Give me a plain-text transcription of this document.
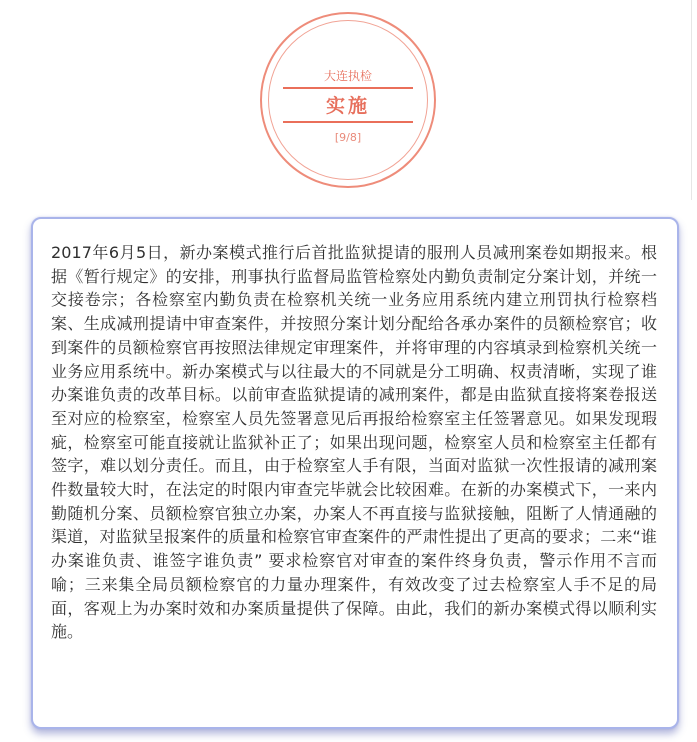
大连执检
实施
[9/8]

2017年6月5日，新办案模式推行后首批监狱提请的服刑人员减刑案卷如期报来。根据《暂行规定》的安排，刑事执行监督局监管检察处内勤负责制定分案计划，并统一交接卷宗；各检察室内勤负责在检察机关统一业务应用系统内建立刑罚执行检察档案、生成减刑提请中审查案件，并按照分案计划分配给各承办案件的员额检察官；收到案件的员额检察官再按照法律规定审理案件，并将审理的内容填录到检察机关统一业务应用系统中。新办案模式与以往最大的不同就是分工明确、权责清晰，实现了谁办案谁负责的改革目标。以前审查监狱提请的减刑案件，都是由监狱直接将案卷报送至对应的检察室，检察室人员先签署意见后再报给检察室主任签署意见。如果发现瑕疵，检察室可能直接就让监狱补正了；如果出现问题，检察室人员和检察室主任都有签字，难以划分责任。而且，由于检察室人手有限，当面对监狱一次性报请的减刑案件数量较大时，在法定的时限内审查完毕就会比较困难。在新的办案模式下，一来内勤随机分案、员额检察官独立办案，办案人不再直接与监狱接触，阻断了人情通融的渠道，对监狱呈报案件的质量和检察官审查案件的严肃性提出了更高的要求；二来“谁办案谁负责、谁签字谁负责” 要求检察官对审查的案件终身负责，警示作用不言而喻；三来集全局员额检察官的力量办理案件，有效改变了过去检察室人手不足的局面，客观上为办案时效和办案质量提供了保障。由此，我们的新办案模式得以顺利实施。
